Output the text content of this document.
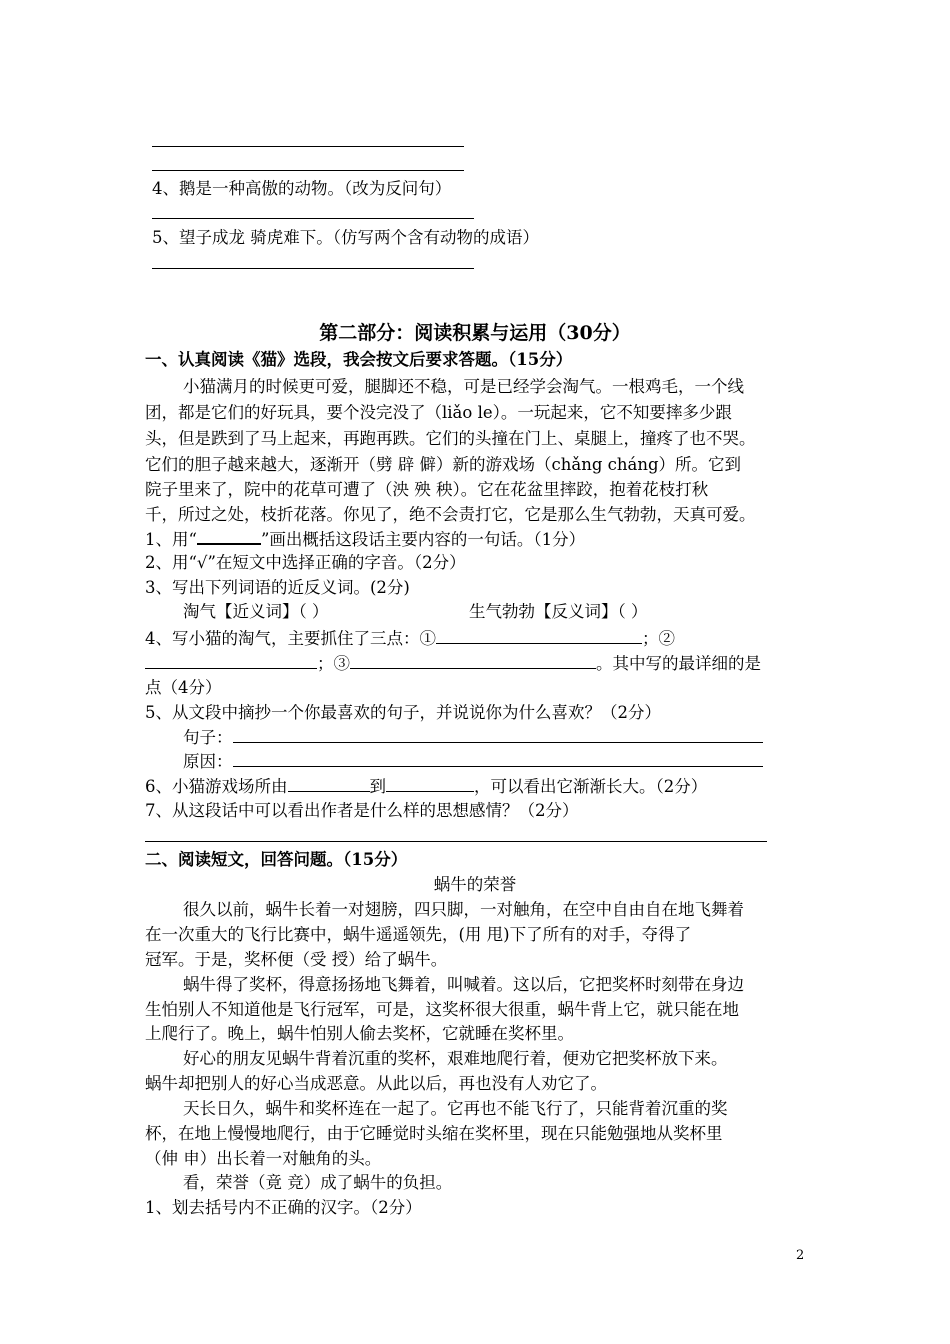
4、鹅是一种高傲的动物。（改为反问句）
5、望子成龙 骑虎难下。（仿写两个含有动物的成语）
第二部分：阅读积累与运用（30分）
一、认真阅读《猫》选段，我会按文后要求答题。（15分）
小猫满月的时候更可爱，腿脚还不稳，可是已经学会淘气。一根鸡毛，一个线
团，都是它们的好玩具，要个没完没了（liǎo le）。一玩起来，它不知要摔多少跟
头，但是跌到了马上起来，再跑再跌。它们的头撞在门上、桌腿上，撞疼了也不哭。
它们的胆子越来越大，逐渐开（劈 辟 僻）新的游戏场（chǎng cháng）所。它到
院子里来了，院中的花草可遭了（泱 殃 秧）。它在花盆里摔跤，抱着花枝打秋
千，所过之处，枝折花落。你见了，绝不会责打它，它是那么生气勃勃，天真可爱。
1、用“	”画出概括这段话主要内容的一句话。（1分）
2、用“√”在短文中选择正确的字音。（2分）
3、写出下列词语的近反义词。(2分)
淘气【近义词】（ ）	生气勃勃【反义词】（ ）
4、写小猫的淘气，主要抓住了三点：①	；②
；③	。其中写的最详细的是
点（4分）
5、从文段中摘抄一个你最喜欢的句子，并说说你为什么喜欢？（2分）
句子：
原因：
6、小猫游戏场所由	到	，可以看出它渐渐长大。（2分）
7、从这段话中可以看出作者是什么样的思想感情？（2分）
二、阅读短文，回答问题。（15分）
蜗牛的荣誉
很久以前，蜗牛长着一对翅膀，四只脚，一对触角，在空中自由自在地飞舞着
在一次重大的飞行比赛中，蜗牛遥遥领先，(用 甩)下了所有的对手，夺得了
冠军。于是，奖杯便（受 授）给了蜗牛。
蜗牛得了奖杯，得意扬扬地飞舞着，叫喊着。这以后，它把奖杯时刻带在身边
生怕别人不知道他是飞行冠军，可是，这奖杯很大很重，蜗牛背上它，就只能在地
上爬行了。晚上，蜗牛怕别人偷去奖杯，它就睡在奖杯里。
好心的朋友见蜗牛背着沉重的奖杯，艰难地爬行着，便劝它把奖杯放下来。
蜗牛却把别人的好心当成恶意。从此以后，再也没有人劝它了。
天长日久，蜗牛和奖杯连在一起了。它再也不能飞行了，只能背着沉重的奖
杯，在地上慢慢地爬行，由于它睡觉时头缩在奖杯里，现在只能勉强地从奖杯里
（伸 申）出长着一对触角的头。
看，荣誉（竟 竞）成了蜗牛的负担。
1、划去括号内不正确的汉字。（2分）
2
